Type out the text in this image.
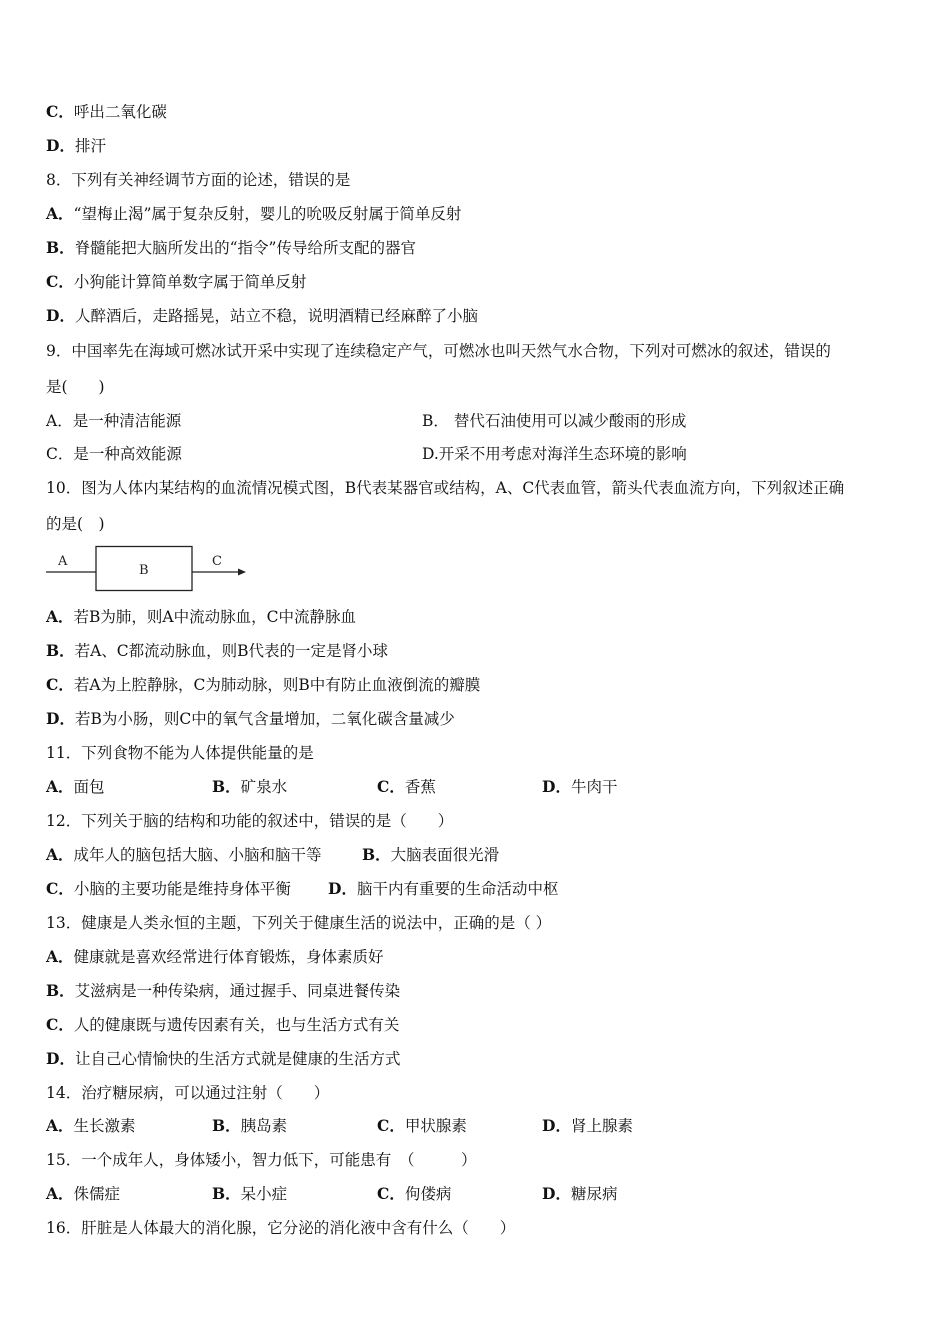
C．呼出二氧化碳
D．排汗
8．下列有关神经调节方面的论述，错误的是
A．“望梅止渴”属于复杂反射，婴儿的吮吸反射属于简单反射
B．脊髓能把大脑所发出的“指令”传导给所支配的器官
C．小狗能计算简单数字属于简单反射
D．人醉酒后，走路摇晃，站立不稳，说明酒精已经麻醉了小脑
9．中国率先在海域可燃冰试开采中实现了连续稳定产气，可燃冰也叫天然气水合物，下列对可燃冰的叙述，错误的
是(　　)
A．是一种清洁能源	B． 替代石油使用可以减少酸雨的形成
C．是一种高效能源	D.开采不用考虑对海洋生态环境的影响
10．图为人体内某结构的血流情况模式图，B代表某器官或结构，A、C代表血管，箭头代表血流方向，下列叙述正确
的是(　)
A
B
C
A．若B为肺，则A中流动脉血，C中流静脉血
B．若A、C都流动脉血，则B代表的一定是肾小球
C．若A为上腔静脉，C为肺动脉，则B中有防止血液倒流的瓣膜
D．若B为小肠，则C中的氧气含量增加，二氧化碳含量减少
11．下列食物不能为人体提供能量的是
A．面包	B．矿泉水	C．香蕉	D．牛肉干
12．下列关于脑的结构和功能的叙述中，错误的是（　　）
A．成年人的脑包括大脑、小脑和脑干等	B．大脑表面很光滑
C．小脑的主要功能是维持身体平衡 D．脑干内有重要的生命活动中枢
13．健康是人类永恒的主题，下列关于健康生活的说法中，正确的是（ ）
A．健康就是喜欢经常进行体育锻炼，身体素质好
B．艾滋病是一种传染病，通过握手、同桌进餐传染
C．人的健康既与遗传因素有关，也与生活方式有关
D．让自己心情愉快的生活方式就是健康的生活方式
14．治疗糖尿病，可以通过注射（　　）
A．生长激素	B．胰岛素	C．甲状腺素	D．肾上腺素
15．一个成年人，身体矮小，智力低下，可能患有　（　　　）
A．侏儒症	B．呆小症	C．佝偻病	D．糖尿病
16．肝脏是人体最大的消化腺，它分泌的消化液中含有什么（　　）
